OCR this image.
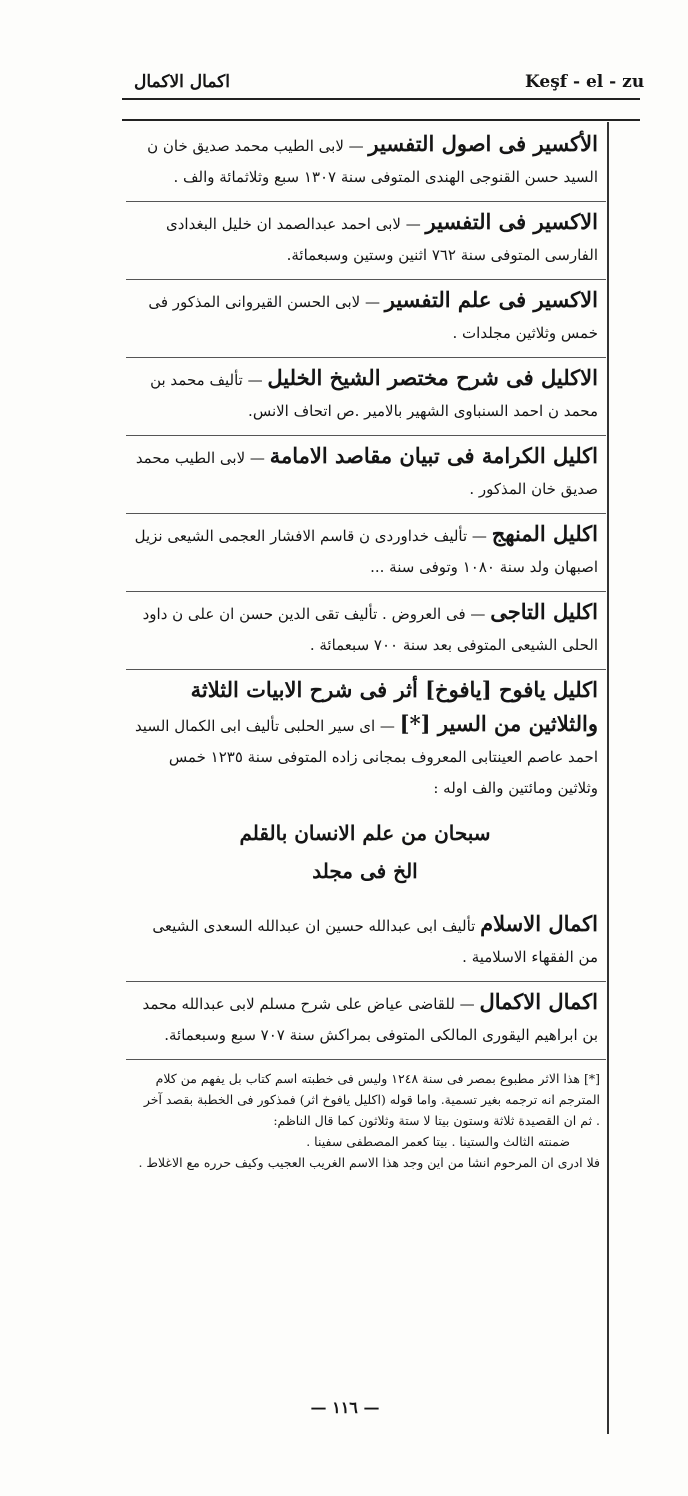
اكمال الاكمال	Keşf - el - zu

الأكسير فى اصول التفسير — لابى الطيب محمد صديق خان ن السيد حسن القنوجى الهندى المتوفى سنة ١٣٠٧ سبع وثلاثمائة والف .

الاكسير فى التفسير — لابى احمد عبدالصمد ان خليل البغدادى الفارسى المتوفى سنة ٧٦٢ اثنين وستين وسبعمائة.

الاكسير فى علم التفسير — لابى الحسن القيروانى المذكور فى خمس وثلاثين مجلدات .

الاكليل فى شرح مختصر الشيخ الخليل — تأليف محمد بن محمد ن احمد السنباوى الشهير بالامير .ص اتحاف الانس.

اكليل الكرامة فى تبيان مقاصد الامامة — لابى الطيب محمد صديق خان المذكور .

اكليل المنهج — تأليف خداوردى ن قاسم الافشار العجمى الشيعى نزيل اصبهان ولد سنة ١٠٨٠ وتوفى سنة ...

اكليل التاجى — فى العروض . تأليف تقى الدين حسن ان على ن داود الحلى الشيعى المتوفى بعد سنة ٧٠٠ سبعمائة .

اكليل يافوح [يافوخ] أثر فى شرح الابيات الثلاثة والثلاثين من السير [*] — اى سير الحلبى تأليف ابى الكمال السيد احمد عاصم العينتابى المعروف بمجانى زاده المتوفى سنة ١٢٣٥ خمس وثلاثين ومائتين والف اوله :

سبحان من علم الانسان بالقلم
الخ فى مجلد

اكمال الاسلام تأليف ابى عبدالله حسين ان عبدالله السعدى الشيعى من الفقهاء الاسلامية .

اكمال الاكمال — للقاضى عياض على شرح مسلم لابى عبدالله محمد بن ابراهيم اليقورى المالكى المتوفى بمراكش سنة ٧٠٧ سبع وسبعمائة.

[*] هذا الاثر مطبوع بمصر فى سنة ١٢٤٨ وليس فى خطبته اسم كتاب بل يفهم من كلام المترجم انه ترجمه بغير تسمية. واما قوله (اكليل يافوخ اثر) فمذكور فى الخطبة بقصد آخر . ثم ان القصيدة ثلاثة وستون بيتا لا ستة وثلاثون كما قال الناظم:

ضمنته الثالث والستينا . بيتا كعمر المصطفى سفينا .

فلا ادرى ان المرحوم انشا من اين وجد هذا الاسم الغريب العجيب وكيف حرره مع الاغلاط .

— ١١٦ —
